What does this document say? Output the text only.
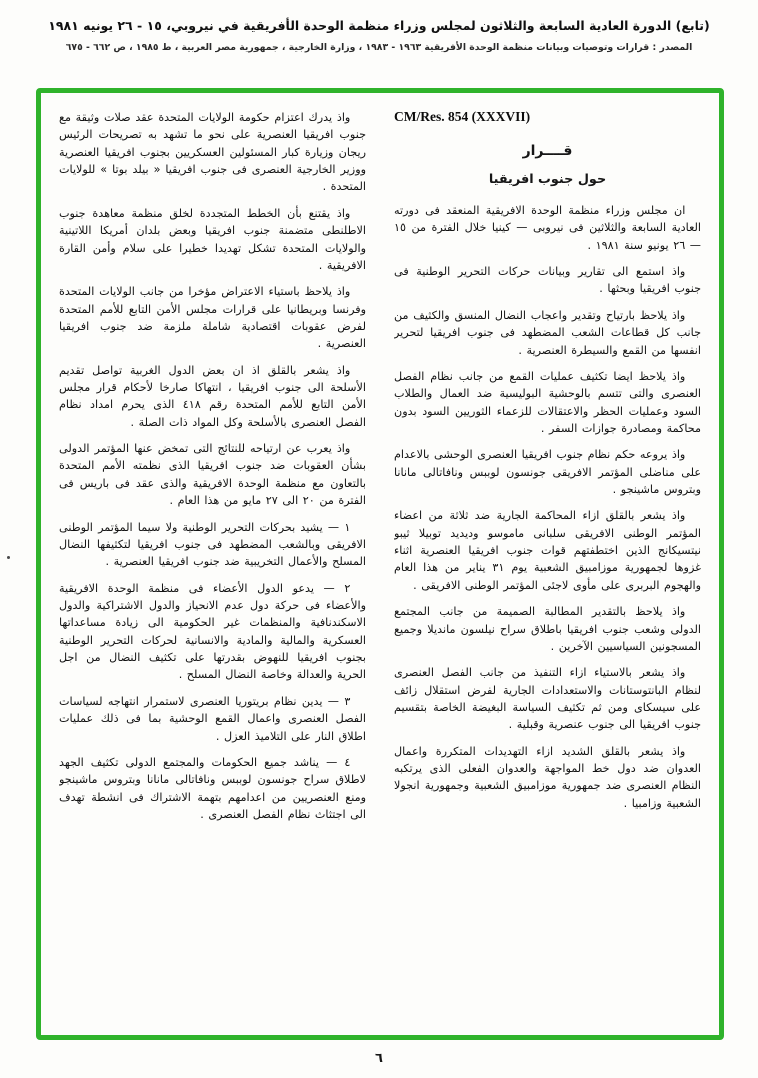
(تابع) الدورة العادية السابعة والثلاثون لمجلس وزراء منظمة الوحدة الأفريقية في نيروبي، ١٥ - ٢٦ يونيه ١٩٨١
المصدر : قرارات وتوصيات وبيانات منظمة الوحدة الأفريقية ١٩٦٣ - ١٩٨٣ ، وزارة الخارجية ، جمهورية مصر العربية ، ط ١٩٨٥ ، ص ٦٦٢ - ٦٧٥
CM/Res. 854 (XXXVII)
قــــرار
حول جنوب افريقيا

ان مجلس وزراء منظمة الوحدة الافريقية المنعقد فى دورته العادية السابعة والثلاثين فى نيروبى — كينيا خلال الفترة من ١٥ — ٢٦ يونيو سنة ١٩٨١ .

واذ استمع الى تقارير وبيانات حركات التحرير الوطنية فى جنوب افريقيا وبحثها .

واذ يلاحظ بارتياح وتقدير واعجاب النضال المنسق والكثيف من جانب كل قطاعات الشعب المضطهد فى جنوب افريقيا لتحرير انفسها من القمع والسيطرة العنصرية .

واذ يلاحظ ايضا تكثيف عمليات القمع من جانب نظام الفصل العنصرى والتى تتسم بالوحشية البوليسية ضد العمال والطلاب السود وعمليات الحظر والاعتقالات للزعماء الثوريين السود بدون محاكمة ومصادرة جوازات السفر .

واذ يروعه حكم نظام جنوب افريقيا العنصرى الوحشى بالاعدام على مناضلى المؤتمر الافريقى جونسون لوببس ونافاتالى مانانا وبتروس ماشينجو .

واذ يشعر بالقلق ازاء المحاكمة الجارية ضد ثلاثة من اعضاء المؤتمر الوطنى الافريقى سلبانى ماموسو وديديد توبيلا ثيبو نيتسيكانج الذين اختطفتهم قوات جنوب افريقيا العنصرية اثناء غزوها لجمهورية موزامبيق الشعبية يوم ٣١ يناير من هذا العام والهجوم البربرى على مأوى لاجئى المؤتمر الوطنى الافريقى .

واذ يلاحظ بالتقدير المطالبة الصميمة من جانب المجتمع الدولى وشعب جنوب افريقيا باطلاق سراح نيلسون مانديلا وجميع المسجونين السياسيين الآخرين .

واذ يشعر بالاستياء ازاء التنفيذ من جانب الفصل العنصرى لنظام البانتوستانات والاستعدادات الجارية لفرض استقلال زائف على سيسكاى ومن ثم تكثيف السياسة البغيضة الخاصة بتقسيم جنوب افريقيا الى جنوب عنصرية وقبلية .

واذ يشعر بالقلق الشديد ازاء التهديدات المتكررة واعمال العدوان ضد دول خط المواجهة والعدوان الفعلى الذى يرتكبه النظام العنصرى ضد جمهورية موزامبيق الشعبية وجمهورية انجولا الشعبية وزامبيا .

واذ يدرك اعتزام حكومة الولايات المتحدة عقد صلات وثيقة مع جنوب افريقيا العنصرية على نحو ما تشهد به تصريحات الرئيس ريجان وزيارة كبار المسئولين العسكريين بجنوب افريقيا العنصرية ووزير الخارجية العنصرى فى جنوب افريقيا « بيلد بوتا » للولايات المتحدة .

واذ يقتنع بأن الخطط المتجددة لخلق منظمة معاهدة جنوب الاطلنطى متضمنة جنوب افريقيا وبعض بلدان أمريكا اللاتينية والولايات المتحدة تشكل تهديدا خطيرا على سلام وأمن القارة الافريقية .

واذ يلاحظ باستياء الاعتراض مؤخرا من جانب الولايات المتحدة وفرنسا وبريطانيا على قرارات مجلس الأمن التابع للأمم المتحدة لفرض عقوبات اقتصادية شاملة ملزمة ضد جنوب افريقيا العنصرية .

واذ يشعر بالقلق اذ ان بعض الدول الغربية تواصل تقديم الأسلحة الى جنوب افريقيا ، انتهاكا صارخا لأحكام قرار مجلس الأمن التابع للأمم المتحدة رقم ٤١٨ الذى يحرم امداد نظام الفصل العنصرى بالأسلحة وكل المواد ذات الصلة .

واذ يعرب عن ارتياحه للنتائج التى تمخض عنها المؤتمر الدولى بشأن العقوبات ضد جنوب افريقيا الذى نظمته الأمم المتحدة بالتعاون مع منظمة الوحدة الافريقية والذى عقد فى باريس فى الفترة من ٢٠ الى ٢٧ مايو من هذا العام .

١ — يشيد بحركات التحرير الوطنية ولا سيما المؤتمر الوطنى الافريقى وبالشعب المضطهد فى جنوب افريقيا لتكثيفها النضال المسلح والأعمال التخريبية ضد جنوب افريقيا العنصرية .

٢ — يدعو الدول الأعضاء فى منظمة الوحدة الافريقية والأعضاء فى حركة دول عدم الانحياز والدول الاشتراكية والدول الاسكندنافية والمنظمات غير الحكومية الى زيادة مساعداتها العسكرية والمالية والمادية والانسانية لحركات التحرير الوطنية بجنوب افريقيا للنهوض بقدرتها على تكثيف النضال من اجل الحرية والعدالة وخاصة النضال المسلح .

٣ — يدين نظام بريتوريا العنصرى لاستمرار انتهاجه لسياسات الفصل العنصرى واعمال القمع الوحشية بما فى ذلك عمليات اطلاق النار على التلاميذ العزل .

٤ — يناشد جميع الحكومات والمجتمع الدولى تكثيف الجهد لاطلاق سراح جونسون لوببس ونافاتالى مانانا وبتروس ماشينجو ومنع العنصريين من اعدامهم بتهمة الاشتراك فى انشطة تهدف الى اجتثاث نظام الفصل العنصرى .

٦
